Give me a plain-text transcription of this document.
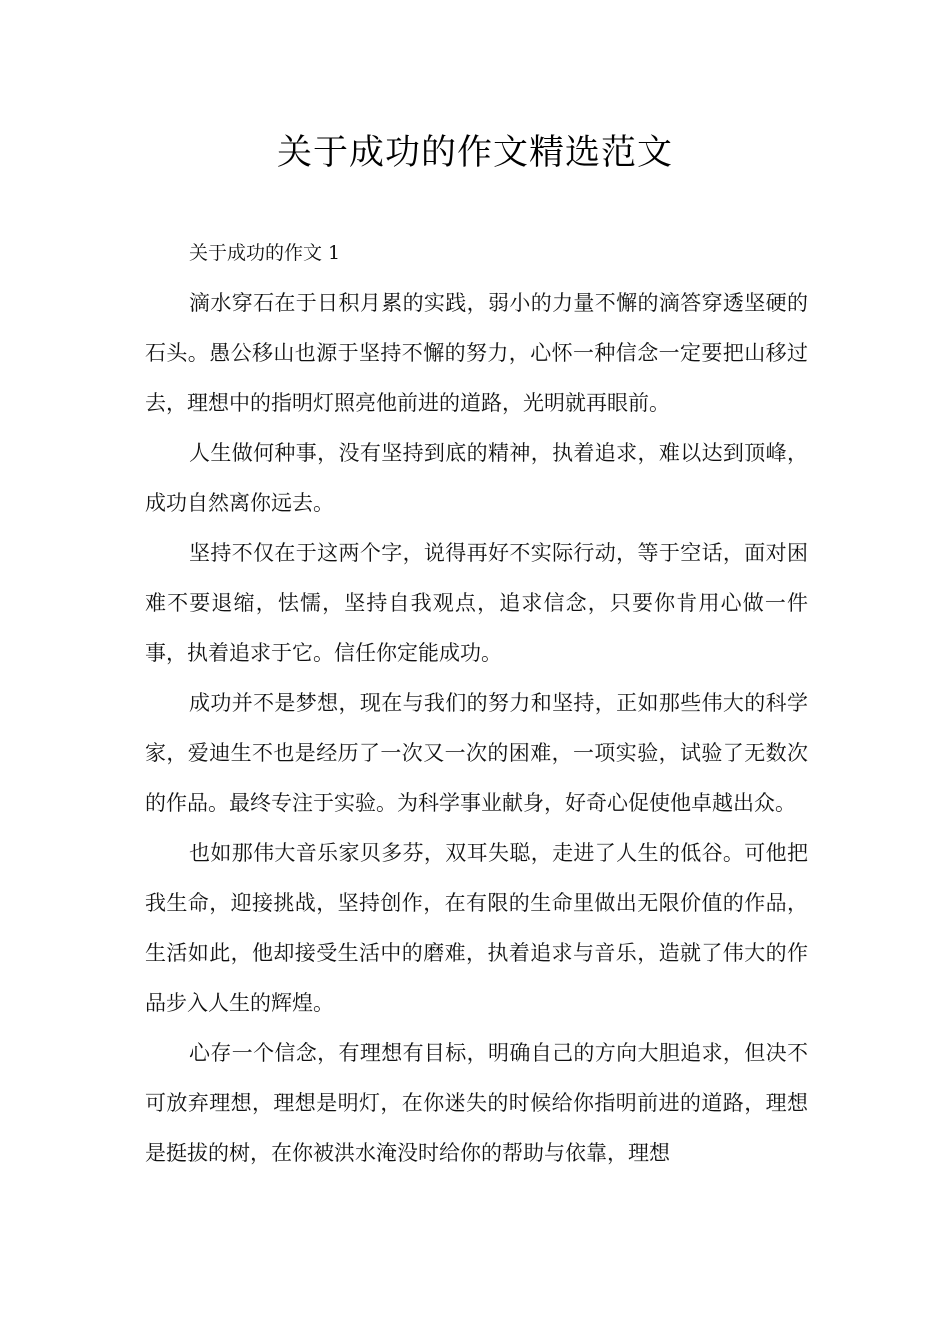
关于成功的作文精选范文

关于成功的作文 1

滴水穿石在于日积月累的实践，弱小的力量不懈的滴答穿透坚硬的石头。愚公移山也源于坚持不懈的努力，心怀一种信念一定要把山移过去，理想中的指明灯照亮他前进的道路，光明就再眼前。

人生做何种事，没有坚持到底的精神，执着追求，难以达到顶峰，成功自然离你远去。

坚持不仅在于这两个字，说得再好不实际行动，等于空话，面对困难不要退缩，怯懦，坚持自我观点，追求信念，只要你肯用心做一件事，执着追求于它。信任你定能成功。

成功并不是梦想，现在与我们的努力和坚持，正如那些伟大的科学家，爱迪生不也是经历了一次又一次的困难，一项实验，试验了无数次的作品。最终专注于实验。为科学事业献身，好奇心促使他卓越出众。

也如那伟大音乐家贝多芬，双耳失聪，走进了人生的低谷。可他把我生命，迎接挑战，坚持创作，在有限的生命里做出无限价值的作品，生活如此，他却接受生活中的磨难，执着追求与音乐，造就了伟大的作品步入人生的辉煌。

心存一个信念，有理想有目标，明确自己的方向大胆追求，但决不可放弃理想，理想是明灯，在你迷失的时候给你指明前进的道路，理想是挺拔的树，在你被洪水淹没时给你的帮助与依靠，理想
